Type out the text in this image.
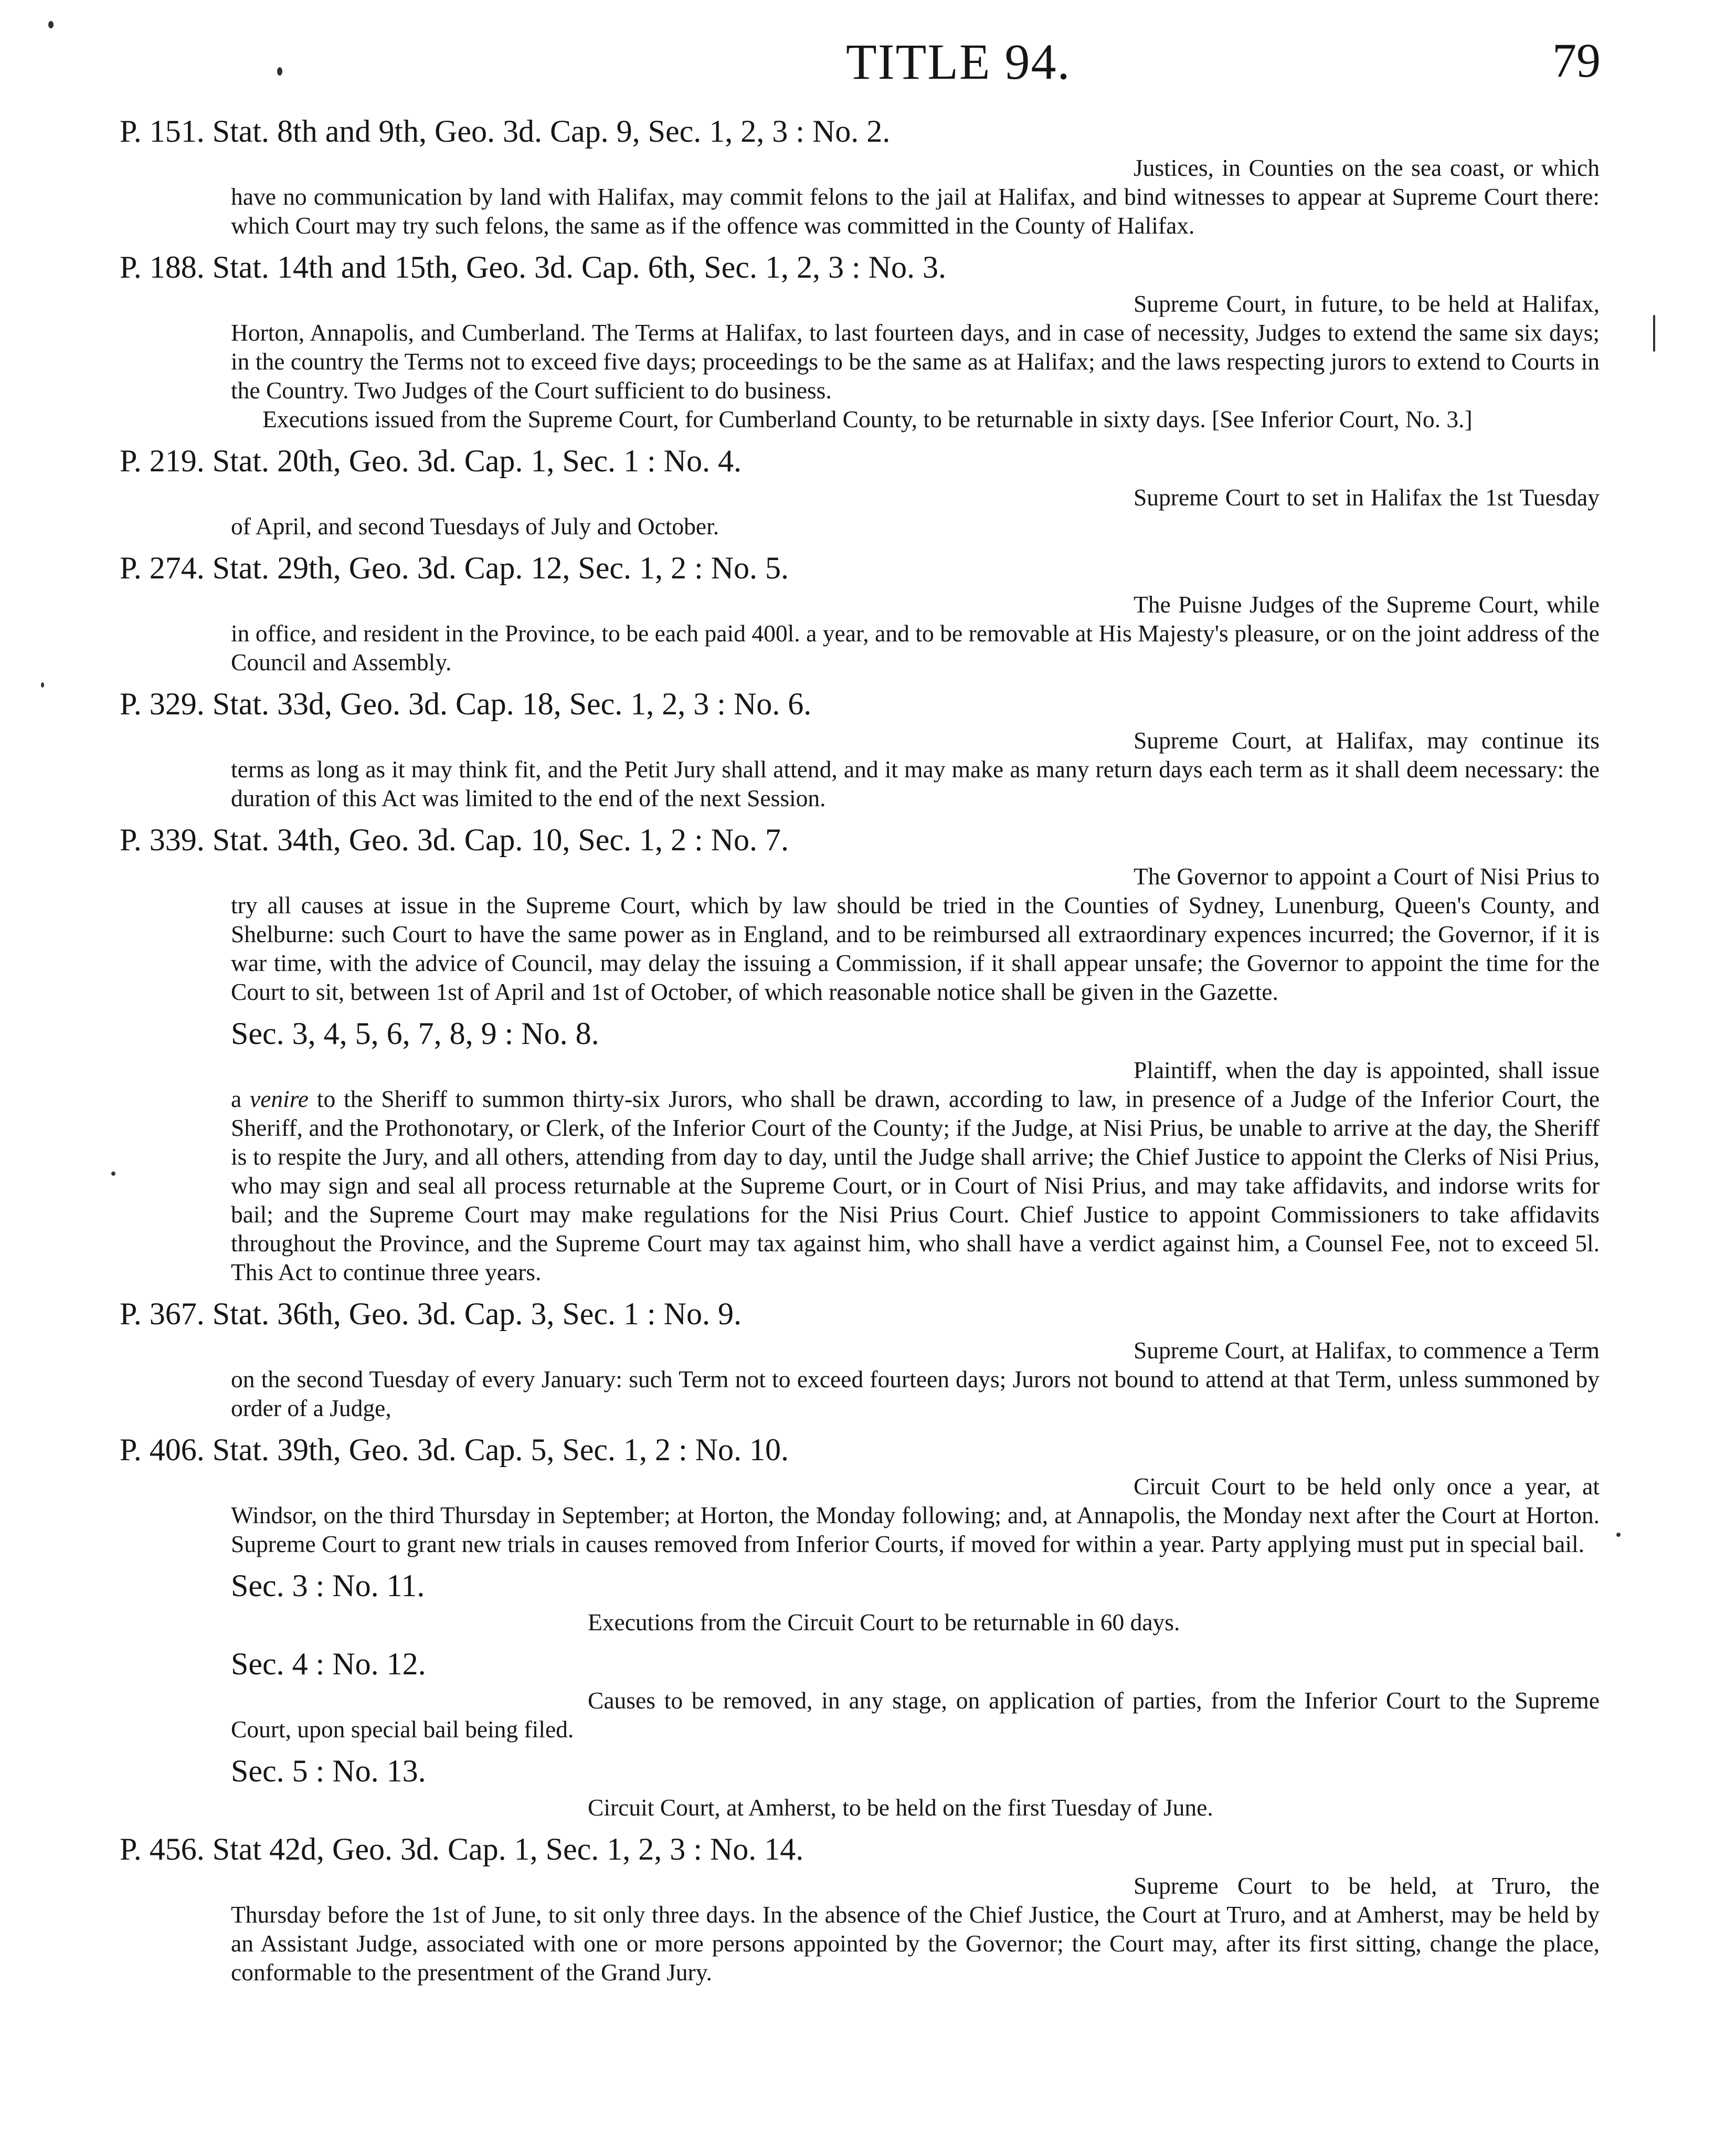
TITLE 94.	79

P. 151. Stat. 8th and 9th, Geo. 3d. Cap. 9, Sec. 1, 2, 3 : No. 2.

Justices, in Counties on the sea coast, or which have no communication by land with Halifax, may commit felons to the jail at Halifax, and bind witnesses to appear at Supreme Court there: which Court may try such felons, the same as if the offence was committed in the County of Halifax.

P. 188. Stat. 14th and 15th, Geo. 3d. Cap. 6th, Sec. 1, 2, 3 : No. 3.

Supreme Court, in future, to be held at Halifax, Horton, Annapolis, and Cumberland. The Terms at Halifax, to last fourteen days, and in case of necessity, Judges to extend the same six days; in the country the Terms not to exceed five days; proceedings to be the same as at Halifax; and the laws respecting jurors to extend to Courts in the Country. Two Judges of the Court sufficient to do business.

Executions issued from the Supreme Court, for Cumberland County, to be returnable in sixty days. [See Inferior Court, No. 3.]

P. 219. Stat. 20th, Geo. 3d. Cap. 1, Sec. 1 : No. 4.

Supreme Court to set in Halifax the 1st Tuesday of April, and second Tuesdays of July and October.

P. 274. Stat. 29th, Geo. 3d. Cap. 12, Sec. 1, 2 : No. 5.

The Puisne Judges of the Supreme Court, while in office, and resident in the Province, to be each paid 400l. a year, and to be removable at His Majesty's pleasure, or on the joint address of the Council and Assembly.

P. 329. Stat. 33d, Geo. 3d. Cap. 18, Sec. 1, 2, 3 : No. 6.

Supreme Court, at Halifax, may continue its terms as long as it may think fit, and the Petit Jury shall attend, and it may make as many return days each term as it shall deem necessary: the duration of this Act was limited to the end of the next Session.

P. 339. Stat. 34th, Geo. 3d. Cap. 10, Sec. 1, 2 : No. 7.

The Governor to appoint a Court of Nisi Prius to try all causes at issue in the Supreme Court, which by law should be tried in the Counties of Sydney, Lunenburg, Queen's County, and Shelburne: such Court to have the same power as in England, and to be reimbursed all extraordinary expences incurred; the Governor, if it is war time, with the advice of Council, may delay the issuing a Commission, if it shall appear unsafe; the Governor to appoint the time for the Court to sit, between 1st of April and 1st of October, of which reasonable notice shall be given in the Gazette.

Sec. 3, 4, 5, 6, 7, 8, 9 : No. 8.

Plaintiff, when the day is appointed, shall issue a venire to the Sheriff to summon thirty-six Jurors, who shall be drawn, according to law, in presence of a Judge of the Inferior Court, the Sheriff, and the Prothonotary, or Clerk, of the Inferior Court of the County; if the Judge, at Nisi Prius, be unable to arrive at the day, the Sheriff is to respite the Jury, and all others, attending from day to day, until the Judge shall arrive; the Chief Justice to appoint the Clerks of Nisi Prius, who may sign and seal all process returnable at the Supreme Court, or in Court of Nisi Prius, and may take affidavits, and indorse writs for bail; and the Supreme Court may make regulations for the Nisi Prius Court. Chief Justice to appoint Commissioners to take affidavits throughout the Province, and the Supreme Court may tax against him, who shall have a verdict against him, a Counsel Fee, not to exceed 5l. This Act to continue three years.

P. 367. Stat. 36th, Geo. 3d. Cap. 3, Sec. 1 : No. 9.

Supreme Court, at Halifax, to commence a Term on the second Tuesday of every January: such Term not to exceed fourteen days; Jurors not bound to attend at that Term, unless summoned by order of a Judge,

P. 406. Stat. 39th, Geo. 3d. Cap. 5, Sec. 1, 2 : No. 10.

Circuit Court to be held only once a year, at Windsor, on the third Thursday in September; at Horton, the Monday following; and, at Annapolis, the Monday next after the Court at Horton. Supreme Court to grant new trials in causes removed from Inferior Courts, if moved for within a year. Party applying must put in special bail.

Sec. 3 : No. 11.

Executions from the Circuit Court to be returnable in 60 days.

Sec. 4 : No. 12.

Causes to be removed, in any stage, on application of parties, from the Inferior Court to the Supreme Court, upon special bail being filed.

Sec. 5 : No. 13.

Circuit Court, at Amherst, to be held on the first Tuesday of June.

P. 456. Stat 42d, Geo. 3d. Cap. 1, Sec. 1, 2, 3 : No. 14.

Supreme Court to be held, at Truro, the Thursday before the 1st of June, to sit only three days. In the absence of the Chief Justice, the Court at Truro, and at Amherst, may be held by an Assistant Judge, associated with one or more persons appointed by the Governor; the Court may, after its first sitting, change the place, conformable to the presentment of the Grand Jury.
